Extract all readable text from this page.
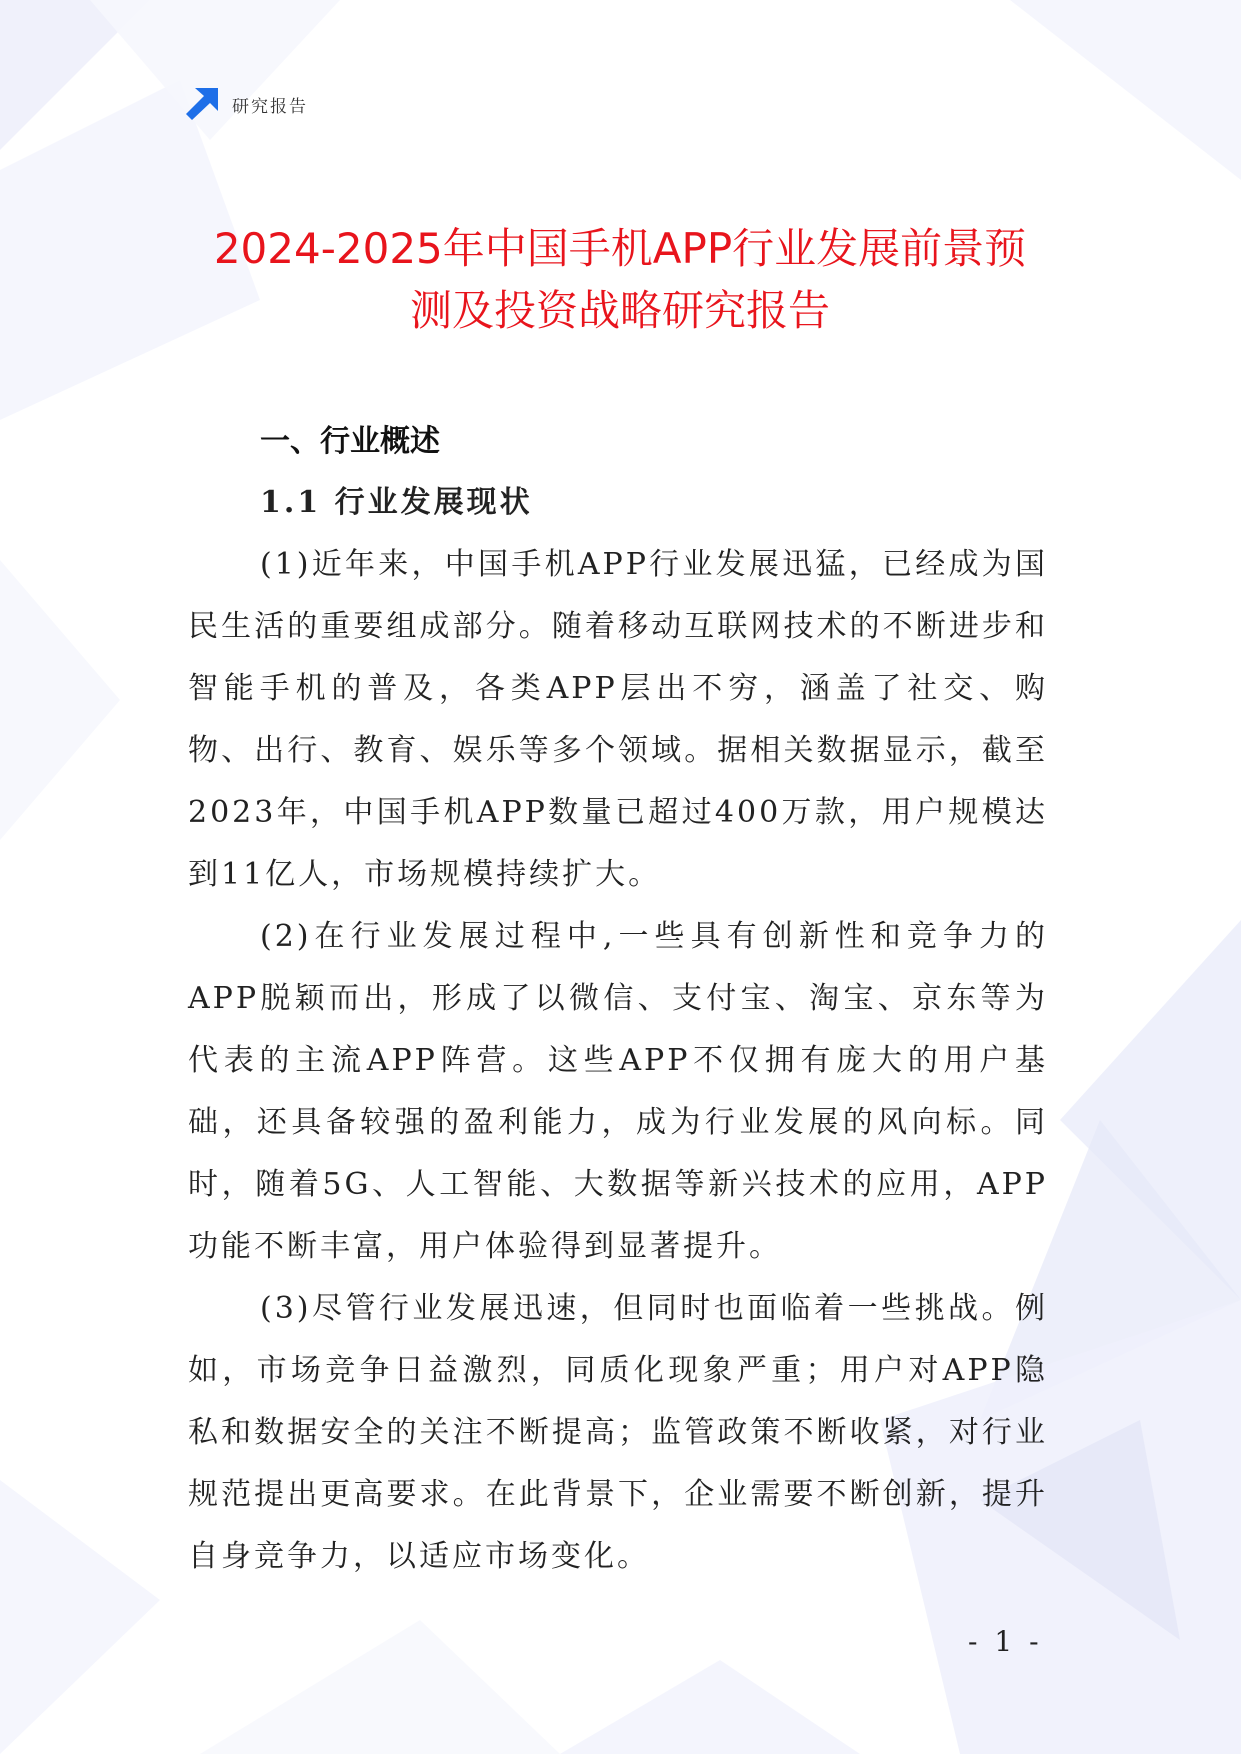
研究报告
2024-2025年中国手机APP行业发展前景预
测及投资战略研究报告
一、行业概述
1.1 行业发展现状

(1)近年来，中国手机APP行业发展迅猛，已经成为国民生活的重要组成部分。随着移动互联网技术的不断进步和智能手机的普及，各类APP层出不穷，涵盖了社交、购物、出行、教育、娱乐等多个领域。据相关数据显示，截至2023年，中国手机APP数量已超过400万款，用户规模达到11亿人，市场规模持续扩大。

(2)在行业发展过程中,一些具有创新性和竞争力的APP脱颖而出，形成了以微信、支付宝、淘宝、京东等为代表的主流APP阵营。这些APP不仅拥有庞大的用户基础，还具备较强的盈利能力，成为行业发展的风向标。同时，随着5G、人工智能、大数据等新兴技术的应用，APP功能不断丰富，用户体验得到显著提升。

(3)尽管行业发展迅速，但同时也面临着一些挑战。例如，市场竞争日益激烈，同质化现象严重；用户对APP隐私和数据安全的关注不断提高；监管政策不断收紧，对行业规范提出更高要求。在此背景下，企业需要不断创新，提升自身竞争力，以适应市场变化。

- 1 -
